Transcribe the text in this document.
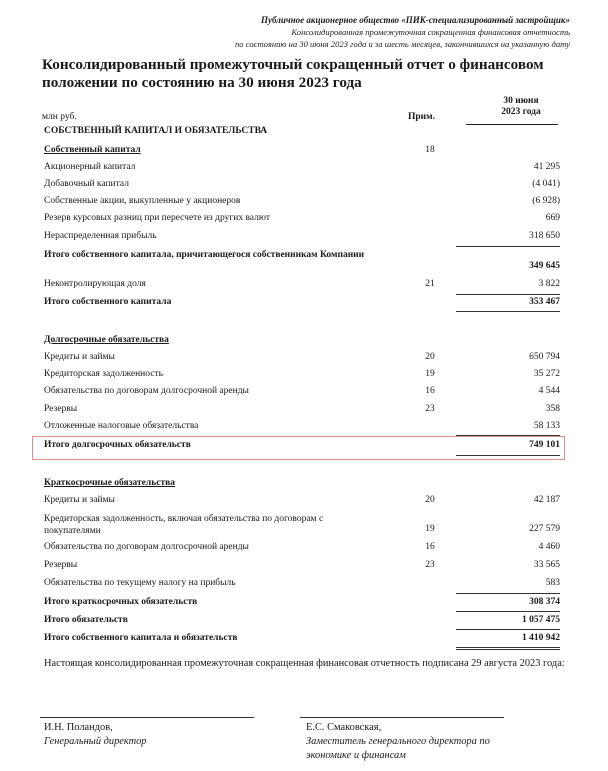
Публичное акционерное общество «ПИК-специализированный застройщик»
Консолидированная промежуточная сокращенная финансовая отчетность
по состоянию на 30 июня 2023 года и за шесть месяцев, закончившихся на указанную дату
Консолидированный промежуточный сокращенный отчет о финансовом положении по состоянию на 30 июня 2023 года
млн руб.	Прим.
30 июня
2023 года
СОБСТВЕННЫЙ КАПИТАЛ И ОБЯЗАТЕЛЬСТВА
Собственный капитал	18
Акционерный капитал	41 295
Добавочный капитал	(4 041)
Собственные акции, выкупленные у акционеров	(6 928)
Резерв курсовых разниц при пересчете из других валют	669
Нераспределенная прибыль	318 650
Итого собственного капитала, причитающегося собственникам Компании
349 645
Неконтролирующая доля	21	3 822
Итого собственного капитала	353 467
Долгосрочные обязательства
Кредиты и займы	20	650 794
Кредиторская задолженность	19	35 272
Обязательства по договорам долгосрочной аренды	16	4 544
Резервы	23	358
Отложенные налоговые обязательства	58 133
Итого долгосрочных обязательств	749 101
Краткосрочные обязательства
Кредиты и займы	20	42 187
Кредиторская задолженность, включая обязательства по договорам с покупателями	19	227 579
Обязательства по договорам долгосрочной аренды	16	4 460
Резервы	23	33 565
Обязательства по текущему налогу на прибыль	583
Итого краткосрочных обязательств	308 374
Итого обязательств	1 057 475
Итого собственного капитала и обязательств	1 410 942
Настоящая консолидированная промежуточная сокращенная финансовая отчетность подписана 29 августа 2023 года:
И.Н. Поландов,
Генеральный директор
Е.С. Смаковская,
Заместитель генерального директора по экономике и финансам
